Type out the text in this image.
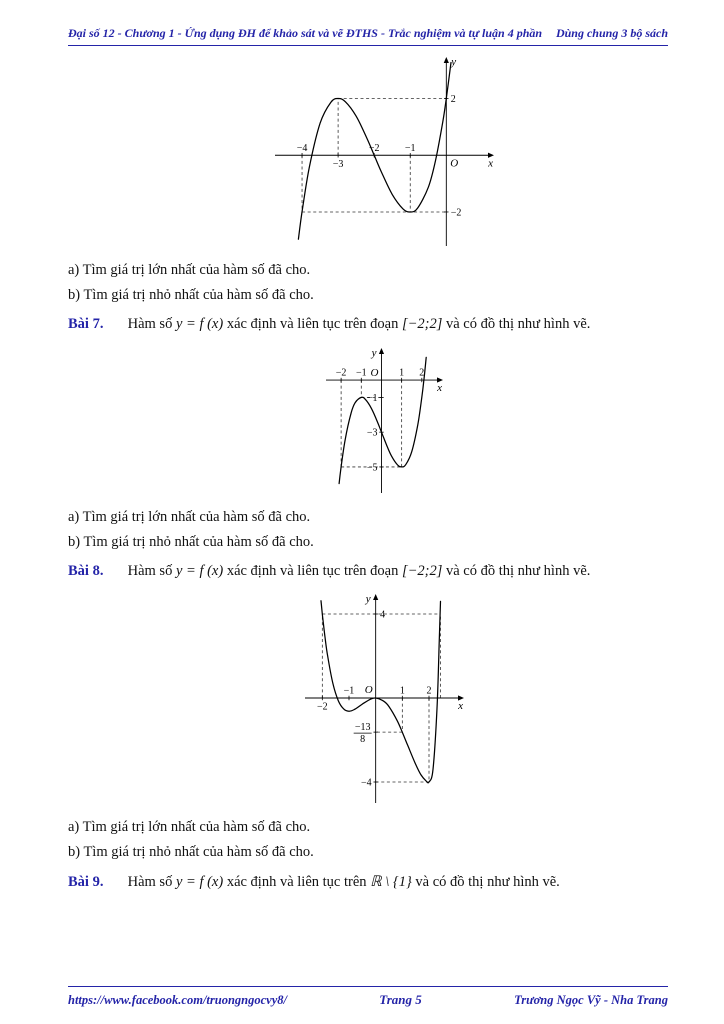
Đại số 12 - Chương 1 - Ứng dụng ĐH để khảo sát và vẽ ĐTHS - Trắc nghiệm và tự luận 4 phần Dùng chung 3 bộ sách
−4
−3
−2	−1
2
−2
O	x
y

a) Tìm giá trị lớn nhất của hàm số đã cho.

b) Tìm giá trị nhỏ nhất của hàm số đã cho.

Bài 7. Hàm số y = f (x) xác định và liên tục trên đoạn [−2;2] và có đồ thị như hình vẽ.

−2 −1	1 2
−1
−3
−5
O
x
y

a) Tìm giá trị lớn nhất của hàm số đã cho.

b) Tìm giá trị nhỏ nhất của hàm số đã cho.

Bài 8. Hàm số y = f (x) xác định và liên tục trên đoạn [−2;2] và có đồ thị như hình vẽ.

−2
−1	1 2
4
−13
8
−4
O
x
y

a) Tìm giá trị lớn nhất của hàm số đã cho.

b) Tìm giá trị nhỏ nhất của hàm số đã cho.

Bài 9. Hàm số y = f (x) xác định và liên tục trên ℝ \ {1} và có đồ thị như hình vẽ.

https://www.facebook.com/truongngocvy8/	Trang 5	Trương Ngọc Vỹ - Nha Trang
